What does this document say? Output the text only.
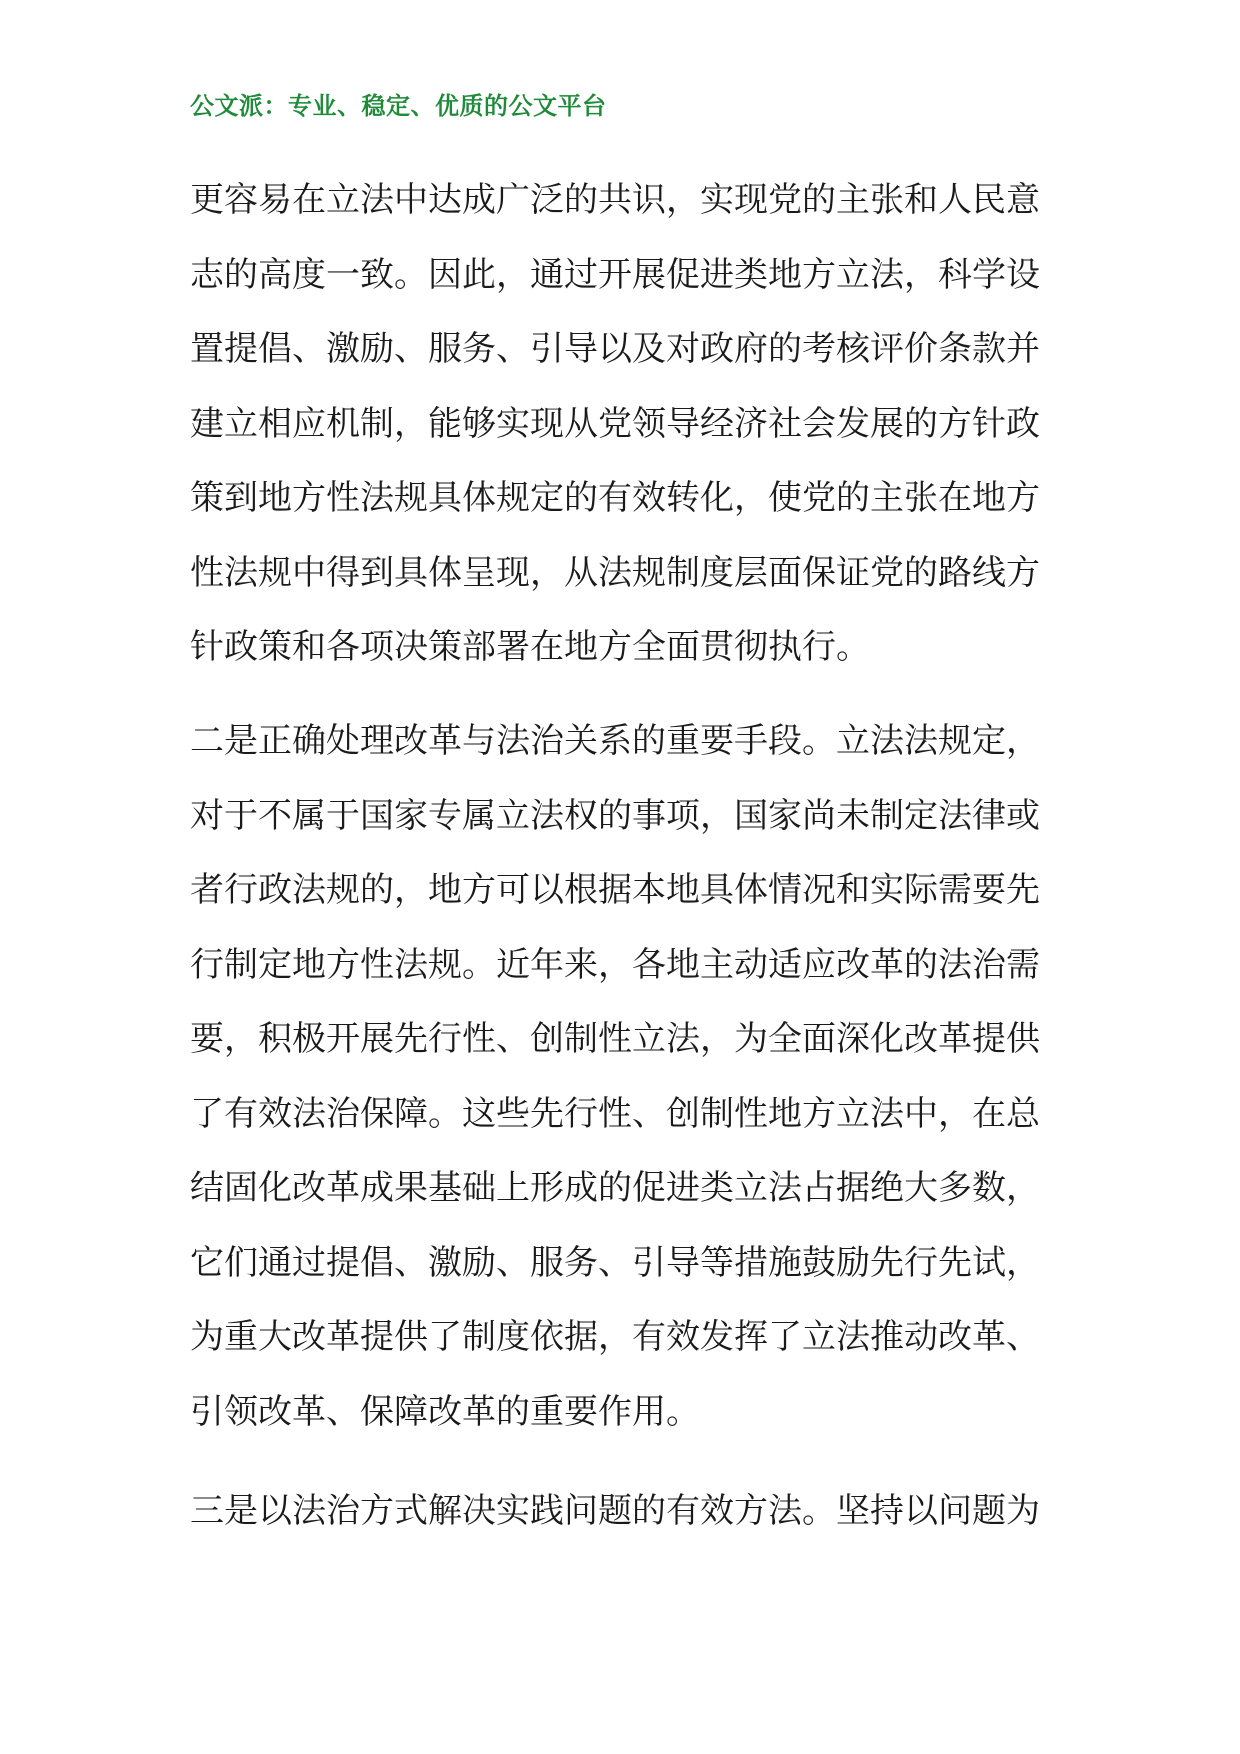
公文派：专业、稳定、优质的公文平台

更容易在立法中达成广泛的共识，实现党的主张和人民意
志的高度一致。因此，通过开展促进类地方立法，科学设
置提倡、激励、服务、引导以及对政府的考核评价条款并
建立相应机制，能够实现从党领导经济社会发展的方针政
策到地方性法规具体规定的有效转化，使党的主张在地方
性法规中得到具体呈现，从法规制度层面保证党的路线方
针政策和各项决策部署在地方全面贯彻执行。

二是正确处理改革与法治关系的重要手段。立法法规定，
对于不属于国家专属立法权的事项，国家尚未制定法律或
者行政法规的，地方可以根据本地具体情况和实际需要先
行制定地方性法规。近年来，各地主动适应改革的法治需
要，积极开展先行性、创制性立法，为全面深化改革提供
了有效法治保障。这些先行性、创制性地方立法中，在总
结固化改革成果基础上形成的促进类立法占据绝大多数，
它们通过提倡、激励、服务、引导等措施鼓励先行先试，
为重大改革提供了制度依据，有效发挥了立法推动改革、
引领改革、保障改革的重要作用。

三是以法治方式解决实践问题的有效方法。坚持以问题为
